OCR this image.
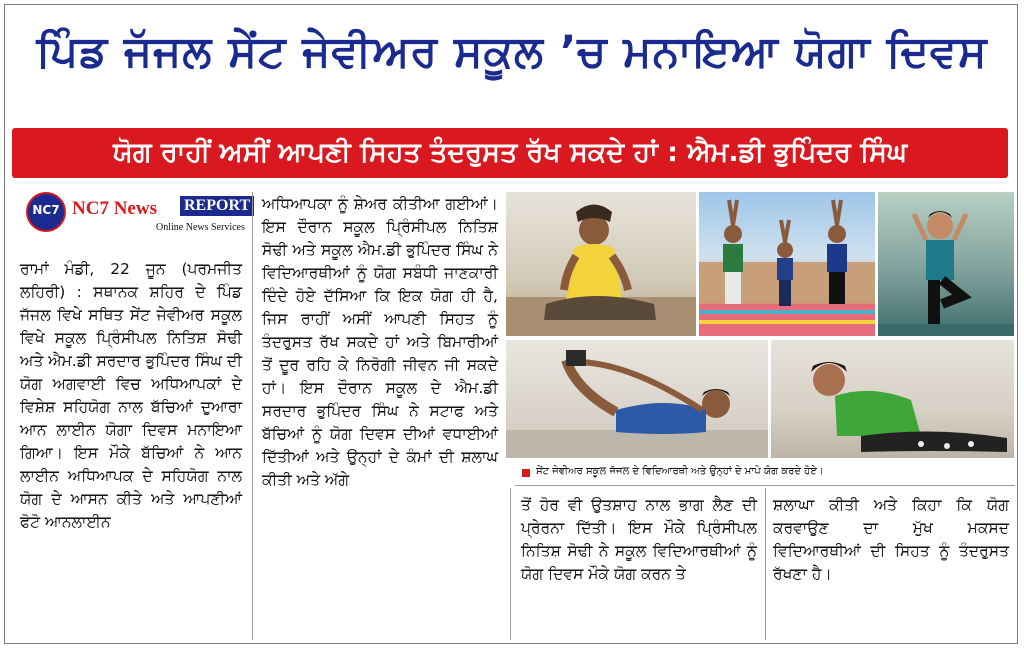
ਪਿੰਡ ਜੱਜਲ ਸੇਂਟ ਜੇਵੀਅਰ ਸਕੂਲ ’ਚ ਮਨਾਇਆ ਯੋਗਾ ਦਿਵਸ
ਯੋਗ ਰਾਹੀਂ ਅਸੀਂ ਆਪਣੀ ਸਿਹਤ ਤੰਦਰੁਸਤ ਰੱਖ ਸਕਦੇ ਹਾਂ : ਐਮ.ਡੀ ਭੁਪਿੰਦਰ ਸਿੰਘ
NC7 NC7 News REPORT
Online News Services
ਰਾਮਾਂ ਮੰਡੀ, 22 ਜੂਨ (ਪਰਮਜੀਤ ਲਹਿਰੀ) : ਸਥਾਨਕ ਸ਼ਹਿਰ ਦੇ ਪਿੰਡ ਜੱਜਲ ਵਿਖੇ ਸਥਿਤ ਸੇਂਟ ਜੇਵੀਅਰ ਸਕੂਲ ਵਿਖੇ ਸਕੂਲ ਪ੍ਰਿੰਸੀਪਲ ਨਿਤਿਸ਼ ਸੋਢੀ ਅਤੇ ਐਮ.ਡੀ ਸਰਦਾਰ ਭੁਪਿੰਦਰ ਸਿੰਘ ਦੀ ਯੋਗ ਅਗਵਾਈ ਵਿਚ ਅਧਿਆਪਕਾਂ ਦੇ ਵਿਸ਼ੇਸ਼ ਸਹਿਯੋਗ ਨਾਲ ਬੱਚਿਆਂ ਦੁਆਰਾ ਆਨ ਲਾਈਨ ਯੋਗਾ ਦਿਵਸ ਮਨਾਇਆ ਗਿਆ। ਇਸ ਮੌਕੇ ਬੱਚਿਆਂ ਨੇ ਆਨ ਲਾਈਨ ਅਧਿਆਪਕ ਦੇ ਸਹਿਯੋਗ ਨਾਲ ਯੋਗ ਦੇ ਆਸਨ ਕੀਤੇ ਅਤੇ ਆਪਣੀਆਂ ਫੋਟੋ ਆਨਲਾਈਨ
ਅਧਿਆਪਕਾ ਨੂੰ ਸ਼ੇਅਰ ਕੀਤੀਆ ਗਈਆਂ। ਇਸ ਦੌਰਾਨ ਸਕੂਲ ਪ੍ਰਿੰਸੀਪਲ ਨਿਤਿਸ਼ ਸੋਢੀ ਅਤੇ ਸਕੂਲ ਐਮ.ਡੀ ਭੁਪਿੰਦਰ ਸਿੰਘ ਨੇ ਵਿਦਿਆਰਥੀਆਂ ਨੂੰ ਯੋਗ ਸਬੰਧੀ ਜਾਣਕਾਰੀ ਦਿੰਦੇ ਹੋਏ ਦੱਸਿਆ ਕਿ ਇਕ ਯੋਗ ਹੀ ਹੈ, ਜਿਸ ਰਾਹੀਂ ਅਸੀਂ ਆਪਣੀ ਸਿਹਤ ਨੂੰ ਤੰਦਰੁਸਤ ਰੱਖ ਸਕਦੇ ਹਾਂ ਅਤੇ ਬਿਮਾਰੀਆਂ ਤੋਂ ਦੂਰ ਰਹਿ ਕੇ ਨਿਰੋਗੀ ਜੀਵਨ ਜੀ ਸਕਦੇ ਹਾਂ। ਇਸ ਦੌਰਾਨ ਸਕੂਲ ਦੇ ਐਮ.ਡੀ ਸਰਦਾਰ ਭੁਪਿੰਦਰ ਸਿੰਘ ਨੇ ਸਟਾਫ ਅਤੇ ਬੱਚਿਆਂ ਨੂੰ ਯੋਗ ਦਿਵਸ ਦੀਆਂ ਵਧਾਈਆਂ ਦਿੱਤੀਆਂ ਅਤੇ ਉਨ੍ਹਾਂ ਦੇ ਕੰਮਾਂ ਦੀ ਸ਼ਲਾਘ ਕੀਤੀ ਅਤੇ ਅੱਗੇ
ਤੋਂ ਹੋਰ ਵੀ ਉਤਸ਼ਾਹ ਨਾਲ ਭਾਗ ਲੈਣ ਦੀ ਪ੍ਰੇਰਨਾ ਦਿੱਤੀ। ਇਸ ਮੌਕੇ ਪ੍ਰਿੰਸੀਪਲ ਨਿਤਿਸ਼ ਸੋਢੀ ਨੇ ਸਕੂਲ ਵਿਦਿਆਰਥੀਆਂ ਨੂੰ ਯੋਗ ਦਿਵਸ ਮੌਕੇ ਯੋਗ ਕਰਨ ਤੇ
ਸ਼ਲਾਘਾ ਕੀਤੀ ਅਤੇ ਕਿਹਾ ਕਿ ਯੋਗ ਕਰਵਾਉਣ ਦਾ ਮੁੱਖ ਮਕਸਦ ਵਿਦਿਆਰਥੀਆਂ ਦੀ ਸਿਹਤ ਨੂੰ ਤੰਦਰੁਸਤ ਰੱਖਣਾ ਹੈ।
ਸੇਂਟ ਜੇਵੀਅਰ ਸਕੂਲ ਜੱਜਲ ਦੇ ਵਿਦਿਆਰਥੀ ਅਤੇ ਉਨ੍ਹਾਂ ਦੇ ਮਾਪੇ ਯੋਗ ਕਰਦੇ ਹੋਏ।
